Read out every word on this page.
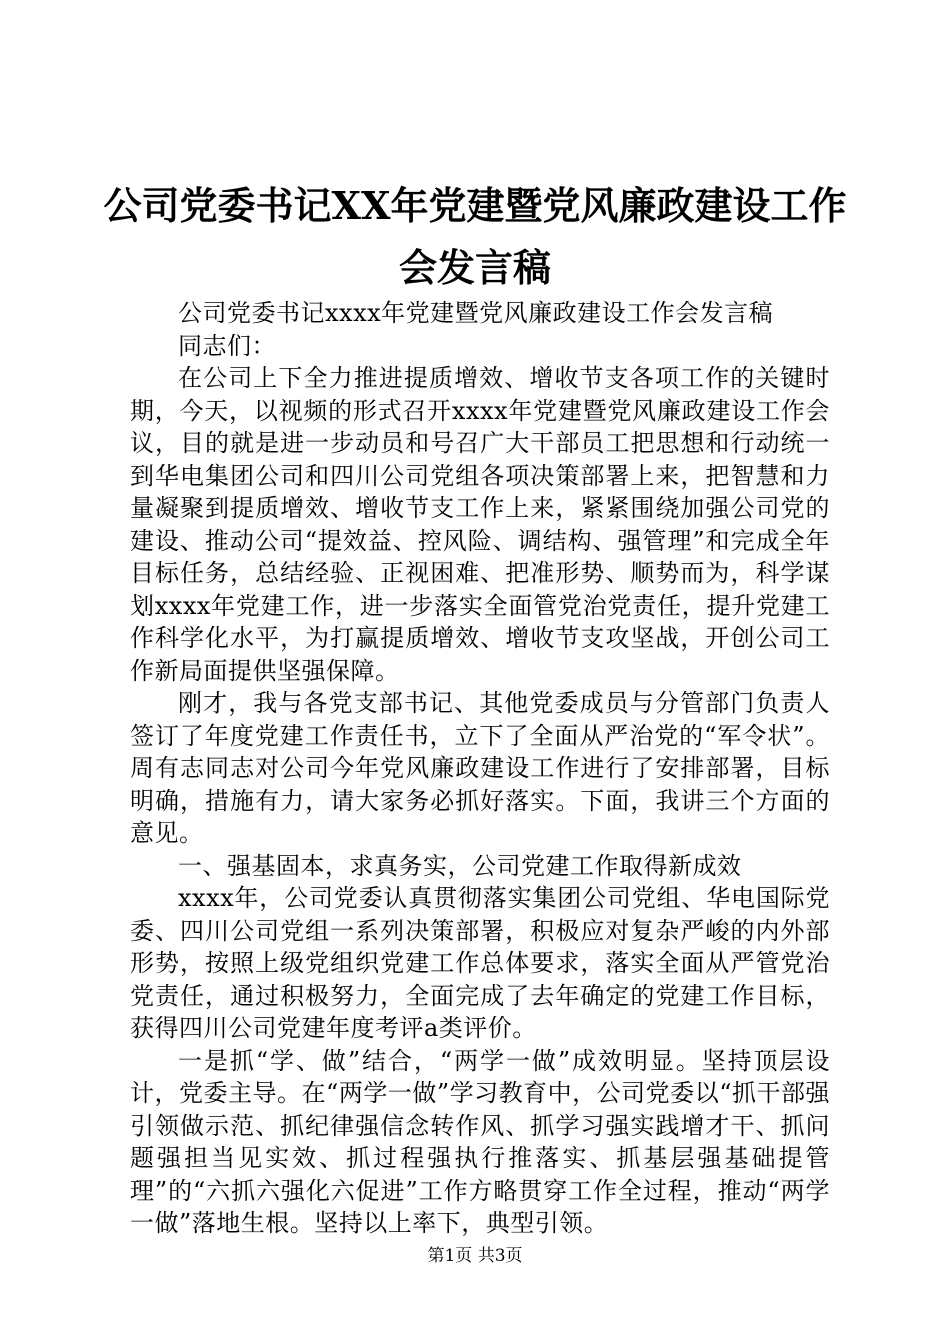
公司党委书记XX年党建暨党风廉政建设工作
会发言稿

公司党委书记xxxx年党建暨党风廉政建设工作会发言稿

同志们：

在公司上下全力推进提质增效、增收节支各项工作的关键时期，今天，以视频的形式召开xxxx年党建暨党风廉政建设工作会议，目的就是进一步动员和号召广大干部员工把思想和行动统一到华电集团公司和四川公司党组各项决策部署上来，把智慧和力量凝聚到提质增效、增收节支工作上来，紧紧围绕加强公司党的建设、推动公司“提效益、控风险、调结构、强管理”和完成全年目标任务，总结经验、正视困难、把准形势、顺势而为，科学谋划xxxx年党建工作，进一步落实全面管党治党责任，提升党建工作科学化水平，为打赢提质增效、增收节支攻坚战，开创公司工作新局面提供坚强保障。

刚才，我与各党支部书记、其他党委成员与分管部门负责人签订了年度党建工作责任书，立下了全面从严治党的“军令状”。周有志同志对公司今年党风廉政建设工作进行了安排部署，目标明确，措施有力，请大家务必抓好落实。下面，我讲三个方面的意见。

一、强基固本，求真务实，公司党建工作取得新成效

xxxx年，公司党委认真贯彻落实集团公司党组、华电国际党委、四川公司党组一系列决策部署，积极应对复杂严峻的内外部形势，按照上级党组织党建工作总体要求，落实全面从严管党治党责任，通过积极努力，全面完成了去年确定的党建工作目标，获得四川公司党建年度考评a类评价。

一是抓“学、做”结合，“两学一做”成效明显。坚持顶层设计，党委主导。在“两学一做”学习教育中，公司党委以“抓干部强引领做示范、抓纪律强信念转作风、抓学习强实践增才干、抓问题强担当见实效、抓过程强执行推落实、抓基层强基础提管理”的“六抓六强化六促进”工作方略贯穿工作全过程，推动“两学一做”落地生根。坚持以上率下，典型引领。

第1页 共3页
